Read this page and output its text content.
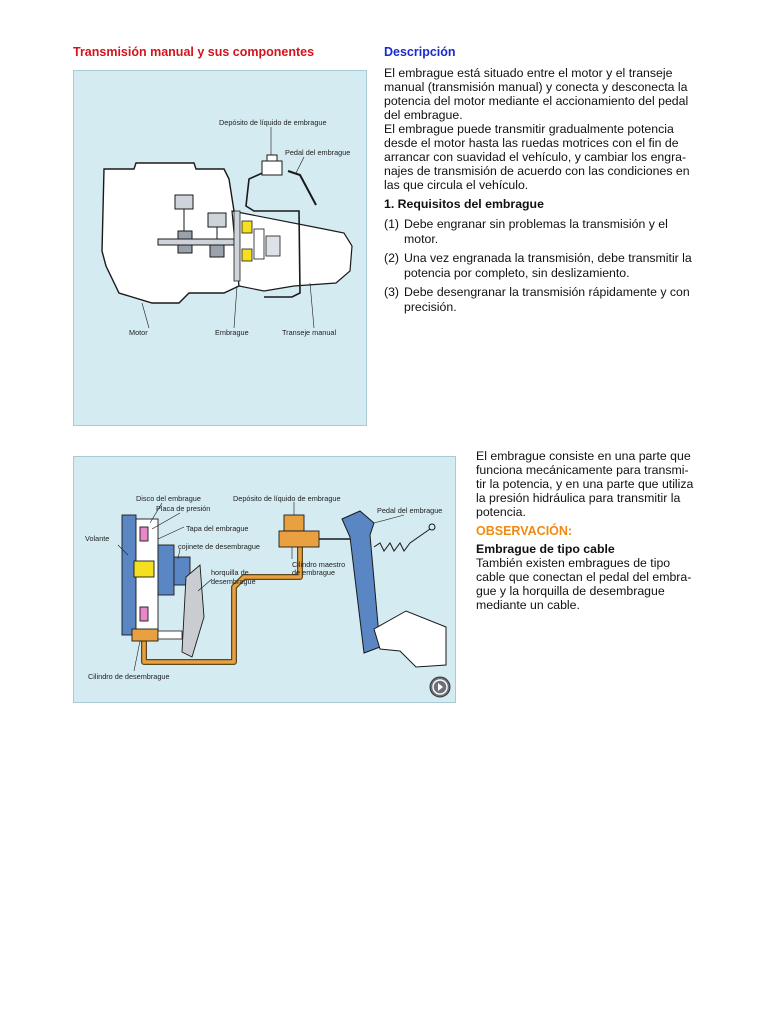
Transmisión manual y sus componentes	Descripción
El embrague está situado entre el motor y el transeje
manual (transmisión manual) y conecta y desconecta la
potencia del motor mediante el accionamiento del pedal
del embrague.
El embrague puede transmitir gradualmente potencia
desde el motor hasta las ruedas motrices con el fin de
arrancar con suavidad el vehículo, y cambiar los engra-
najes de transmisión de acuerdo con las condiciones en
las que circula el vehículo.
1. Requisitos del embrague
(1) Debe engranar sin problemas la transmisión y el
motor.
(2) Una vez engranada la transmisión, debe transmitir la
potencia por completo, sin deslizamiento.
(3) Debe desengranar la transmisión rápidamente y con
precisión.
Depósito de líquido de embrague
Pedal del embrague
Motor	Embrague	Transeje manual
Disco del embrague
Placa de presión
Tapa del embrague
Volante
cojinete de desembrague
horquilla de
desembrague
Depósito de líquido de embrague
Pedal del embrague
Cilindro maestro
de embrague
Cilindro de desembrague
El embrague consiste en una parte que
funciona mecánicamente para transmi-
tir la potencia, y en una parte que utiliza
la presión hidráulica para transmitir la
potencia.
OBSERVACIÓN:
Embrague de tipo cable
También existen embragues de tipo
cable que conectan el pedal del embra-
gue y la horquilla de desembrague
mediante un cable.
